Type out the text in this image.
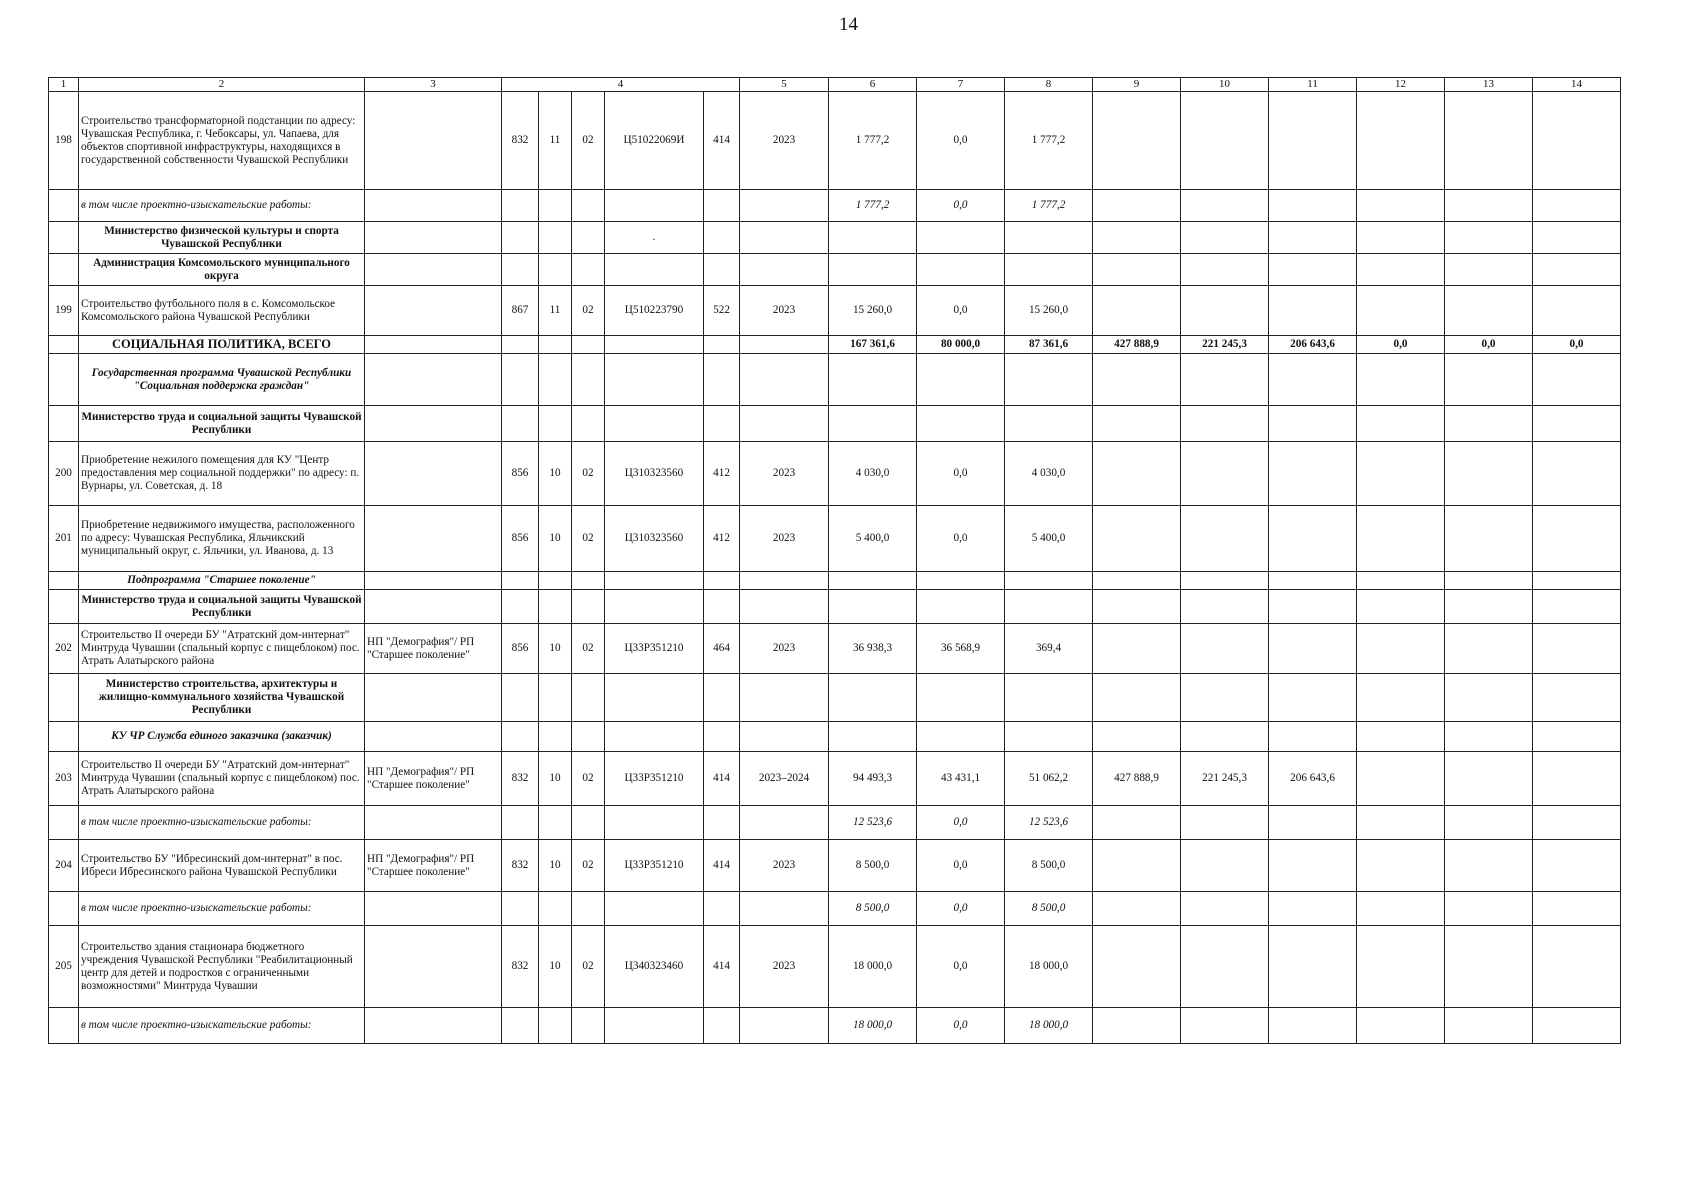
14
1	2	3	4					5	6	7	8	9	10	11	12	13	14
198	Строительство трансформаторной подстанции по адресу: Чувашская Республика, г. Чебоксары, ул. Чапаева, для объектов спортивной инфраструктуры, находящихся в государственной собственности Чувашской Республики		832	11	02	Ц51022069И	414	2023	1 777,2	0,0	1 777,2						
	в том числе проектно-изыскательские работы:								1 777,2	0,0	1 777,2						
	Министерство физической культуры и спорта Чувашской Республики					.											
	Администрация Комсомольского муниципального округа																
199	Строительство футбольного поля в с. Комсомольское Комсомольского района Чувашской Республики		867	11	02	Ц510223790	522	2023	15 260,0	0,0	15 260,0						
	СОЦИАЛЬНАЯ ПОЛИТИКА, ВСЕГО								167 361,6	80 000,0	87 361,6	427 888,9	221 245,3	206 643,6	0,0	0,0	0,0
	Государственная программа Чувашской Республики "Социальная поддержка граждан"																
	Министерство труда и социальной защиты Чувашской Республики																
200	Приобретение нежилого помещения для КУ "Центр предоставления мер социальной поддержки" по адресу: п. Вурнары, ул. Советская, д. 18		856	10	02	Ц310323560	412	2023	4 030,0	0,0	4 030,0						
201	Приобретение недвижимого имущества, расположенного по адресу: Чувашская Республика, Яльчикский муниципальный округ, с. Яльчики, ул. Иванова, д. 13		856	10	02	Ц310323560	412	2023	5 400,0	0,0	5 400,0						
	Подпрограмма "Старшее поколение"																
	Министерство труда и социальной защиты Чувашской Республики																
202	Строительство II очереди БУ "Атратский дом-интернат" Минтруда Чувашии (спальный корпус с пищеблоком) пос. Атрать Алатырского района	НП "Демография"/ РП "Старшее поколение"	856	10	02	Ц33Р351210	464	2023	36 938,3	36 568,9	369,4						
	Министерство строительства, архитектуры и жилищно-коммунального хозяйства Чувашской Республики																
	КУ ЧР Служба единого заказчика (заказчик)																
203	Строительство II очереди БУ "Атратский дом-интернат" Минтруда Чувашии (спальный корпус с пищеблоком) пос. Атрать Алатырского района	НП "Демография"/ РП "Старшее поколение"	832	10	02	Ц33Р351210	414	2023–2024	94 493,3	43 431,1	51 062,2	427 888,9	221 245,3	206 643,6			
	в том числе проектно-изыскательские работы:								12 523,6	0,0	12 523,6						
204	Строительство БУ "Ибресинский дом-интернат" в пос. Ибреси Ибресинского района Чувашской Республики	НП "Демография"/ РП "Старшее поколение"	832	10	02	Ц33Р351210	414	2023	8 500,0	0,0	8 500,0						
	в том числе проектно-изыскательские работы:								8 500,0	0,0	8 500,0						
205	Строительство здания стационара бюджетного учреждения Чувашской Республики "Реабилитационный центр для детей и подростков с ограниченными возможностями" Минтруда Чувашии		832	10	02	Ц340323460	414	2023	18 000,0	0,0	18 000,0						
	в том числе проектно-изыскательские работы:								18 000,0	0,0	18 000,0						
